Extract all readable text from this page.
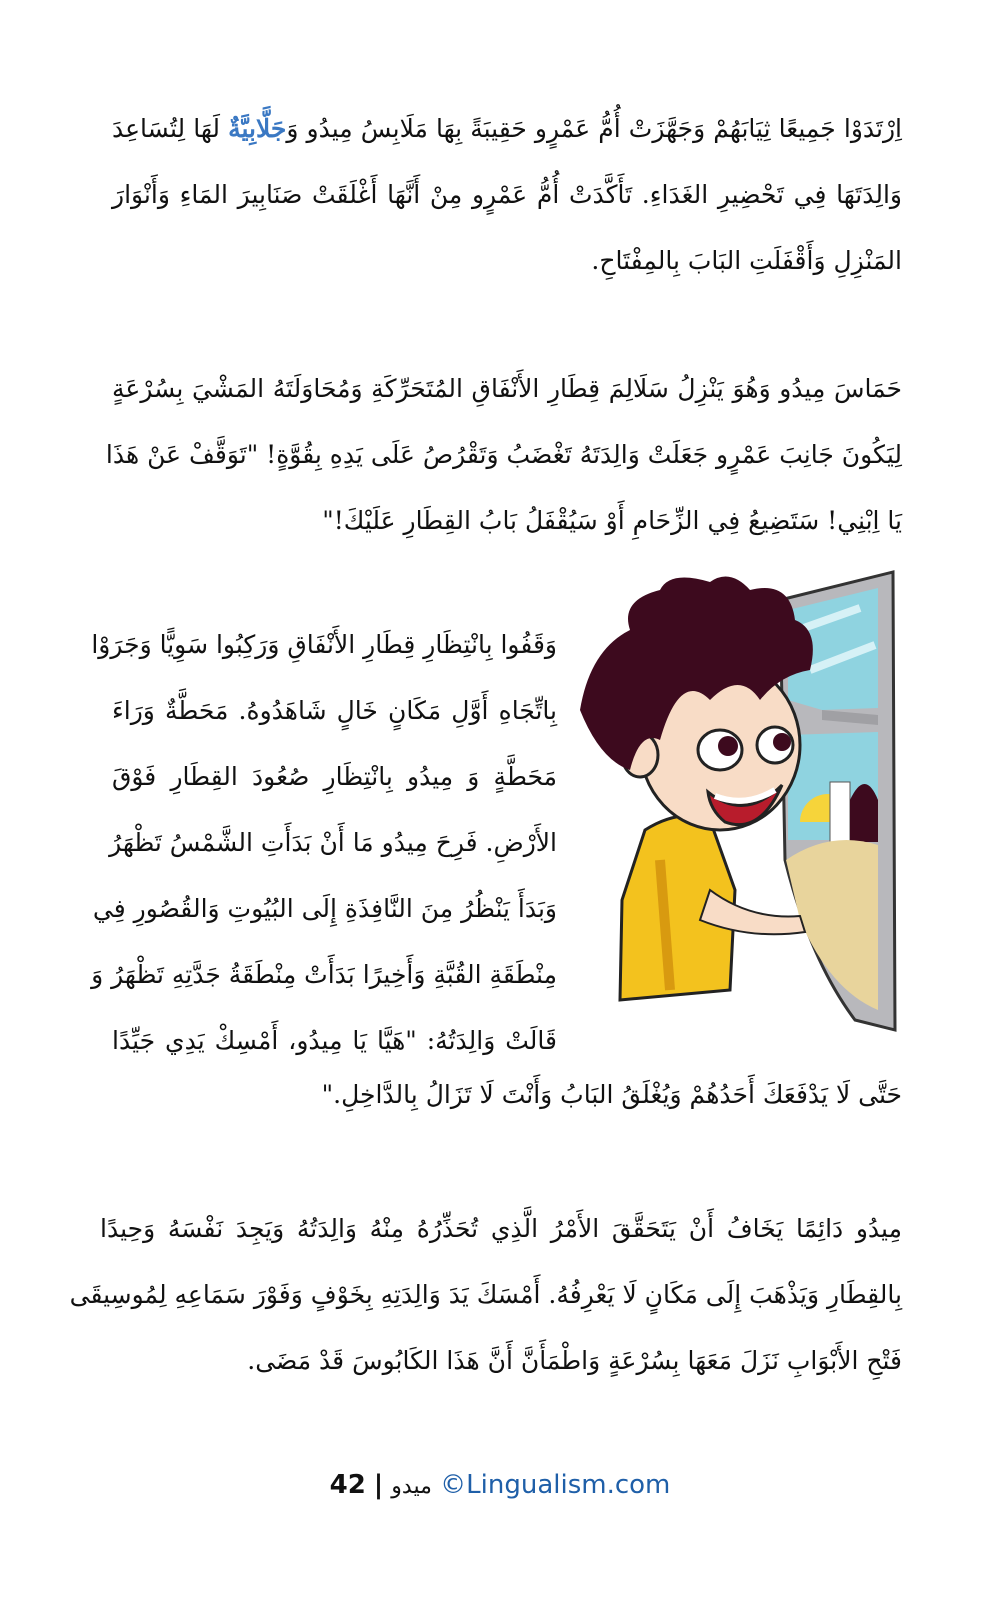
اِرْتَدَوْا جَمِيعًا ثِيَابَهُمْ وَجَهَّزَتْ أُمُّ عَمْرٍو حَقِيبَةً بِهَا مَلَابِسُ مِيدُو وَجَلَّابِيَّةٌ لَهَا لِتُسَاعِدَ
وَالِدَتَهَا فِي تَحْضِيرِ الغَدَاءِ. تَأَكَّدَتْ أُمُّ عَمْرٍو مِنْ أَنَّهَا أَغْلَقَتْ صَنَابِيرَ المَاءِ وَأَنْوَارَ
المَنْزِلِ وَأَقْفَلَتِ البَابَ بِالمِفْتَاحِ.
حَمَاسَ مِيدُو وَهُوَ يَنْزِلُ سَلَالِمَ قِطَارِ الأَنْفَاقِ المُتَحَرِّكَةِ وَمُحَاوَلَتَهُ المَشْيَ بِسُرْعَةٍ
لِيَكُونَ جَانِبَ عَمْرٍو جَعَلَتْ وَالِدَتَهُ تَغْضَبُ وَتَقْرُصُ عَلَى يَدِهِ بِقُوَّةٍ! "تَوَقَّفْ عَنْ هَذَا
يَا اِبْنِي! سَتَضِيعُ فِي الزِّحَامِ أَوْ سَيُقْفَلُ بَابُ القِطَارِ عَلَيْكَ!"
وَقَفُوا بِانْتِظَارِ قِطَارِ الأَنْفَاقِ وَرَكِبُوا سَوِيًّا وَجَرَوْا
بِاتِّجَاهِ أَوَّلِ مَكَانٍ خَالٍ شَاهَدُوهُ. مَحَطَّةٌ وَرَاءَ
مَحَطَّةٍ وَ مِيدُو بِانْتِظَارِ صُعُودَ القِطَارِ فَوْقَ
الأَرْضِ. فَرِحَ مِيدُو مَا أَنْ بَدَأَتِ الشَّمْسُ تَظْهَرُ
وَبَدَأَ يَنْظُرُ مِنَ النَّافِذَةِ إِلَى البُيُوتِ وَالقُصُورِ فِي
مِنْطَقَةِ القُبَّةِ وَأَخِيرًا بَدَأَتْ مِنْطَقَةُ جَدَّتِهِ تَظْهَرُ وَ
قَالَتْ وَالِدَتُهُ: "هَيَّا يَا مِيدُو، أَمْسِكْ يَدِي جَيِّدًا
حَتَّى لَا يَدْفَعَكَ أَحَدُهُمْ وَيُغْلَقُ البَابُ وَأَنْتَ لَا تَزَالُ بِالدَّاخِلِ."
مِيدُو دَائِمًا يَخَافُ أَنْ يَتَحَقَّقَ الأَمْرُ الَّذِي تُحَذِّرُهُ مِنْهُ وَالِدَتُهُ وَيَجِدَ نَفْسَهُ وَحِيدًا
بِالقِطَارِ وَيَذْهَبَ إِلَى مَكَانٍ لَا يَعْرِفُهُ. أَمْسَكَ يَدَ وَالِدَتِهِ بِخَوْفٍ وَفَوْرَ سَمَاعِهِ لِمُوسِيقَى
فَتْحِ الأَبْوَابِ نَزَلَ مَعَهَا بِسُرْعَةٍ وَاطْمَأَنَّ أَنَّ هَذَا الكَابُوسَ قَدْ مَضَى.
42 | ميدو ©Lingualism.com
